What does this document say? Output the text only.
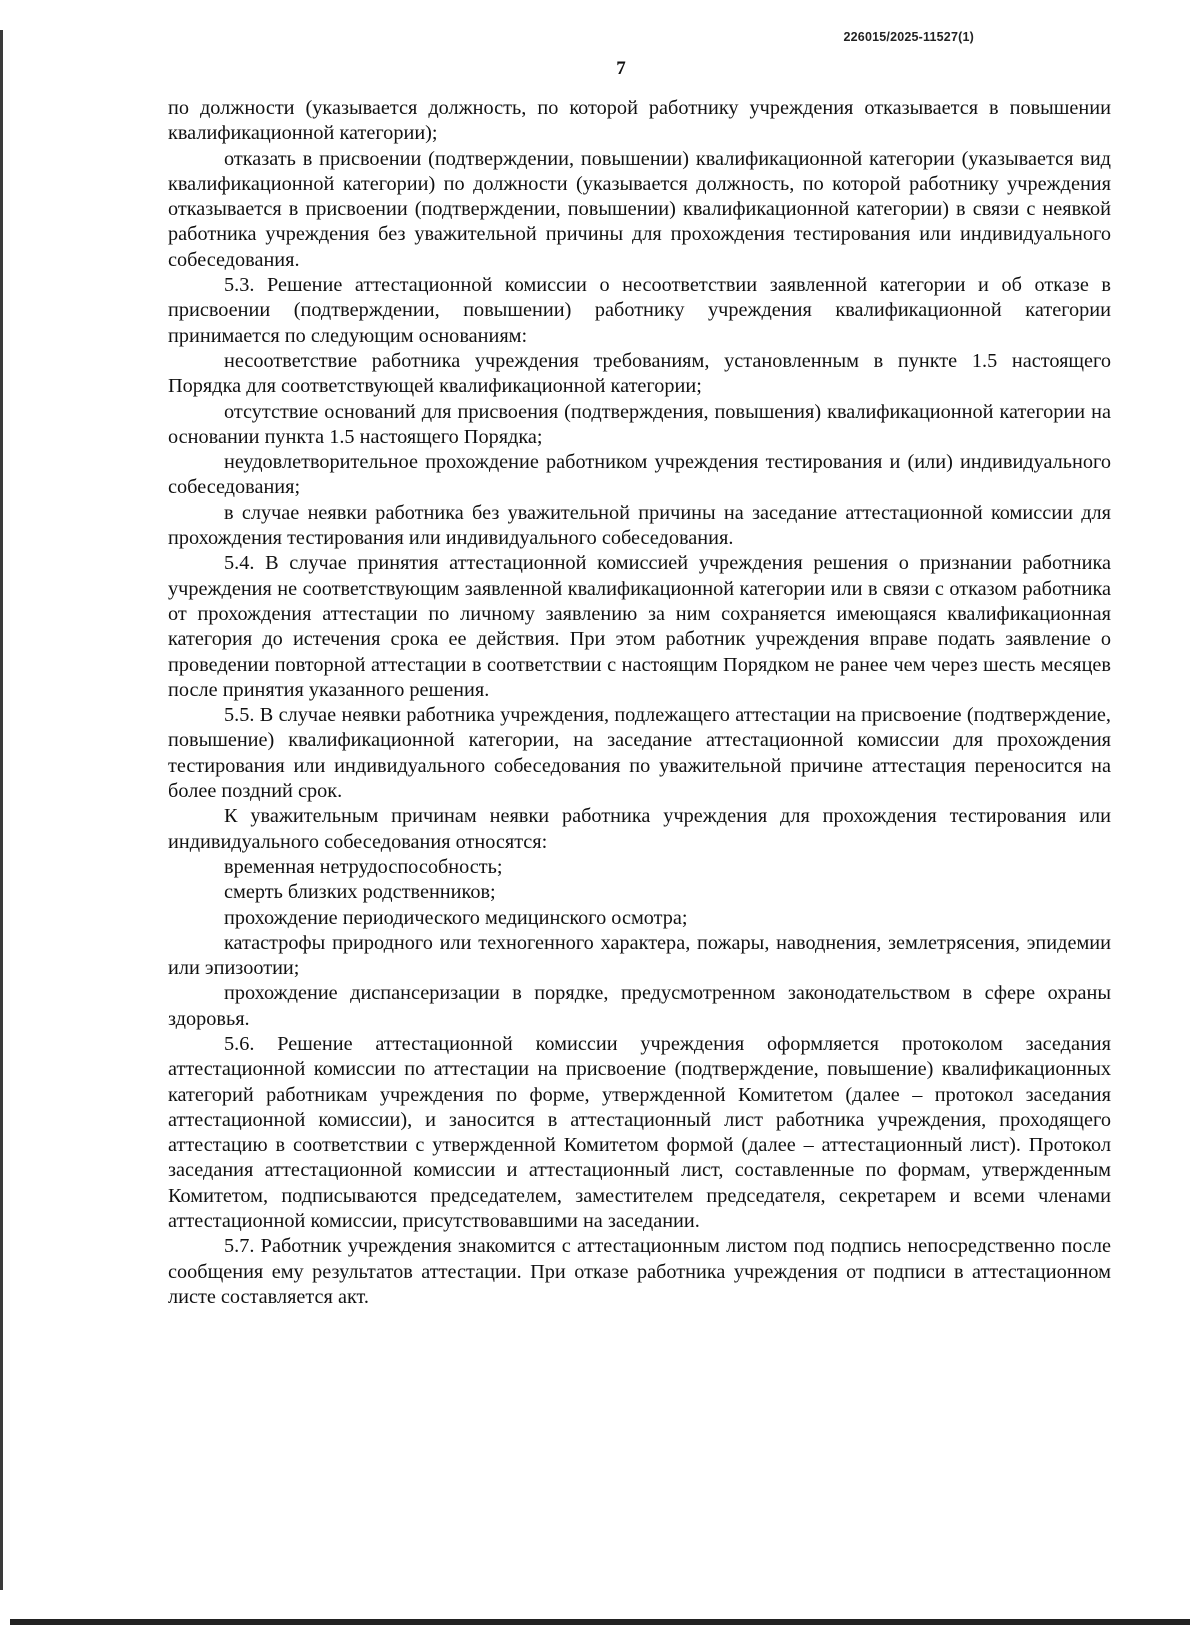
226015/2025-11527(1)
7

по должности (указывается должность, по которой работнику учреждения отказывается в повышении квалификационной категории);

отказать в присвоении (подтверждении, повышении) квалификационной категории (указывается вид квалификационной категории) по должности (указывается должность, по которой работнику учреждения отказывается в присвоении (подтверждении, повышении) квалификационной категории) в связи с неявкой работника учреждения без уважительной причины для прохождения тестирования или индивидуального собеседования.

5.3. Решение аттестационной комиссии о несоответствии заявленной категории и об отказе в присвоении (подтверждении, повышении) работнику учреждения квалификационной категории принимается по следующим основаниям:

несоответствие работника учреждения требованиям, установленным в пункте 1.5 настоящего Порядка для соответствующей квалификационной категории;

отсутствие оснований для присвоения (подтверждения, повышения) квалификационной категории на основании пункта 1.5 настоящего Порядка;

неудовлетворительное прохождение работником учреждения тестирования и (или) индивидуального собеседования;

в случае неявки работника без уважительной причины на заседание аттестационной комиссии для прохождения тестирования или индивидуального собеседования.

5.4. В случае принятия аттестационной комиссией учреждения решения о признании работника учреждения не соответствующим заявленной квалификационной категории или в связи с отказом работника от прохождения аттестации по личному заявлению за ним сохраняется имеющаяся квалификационная категория до истечения срока ее действия. При этом работник учреждения вправе подать заявление о проведении повторной аттестации в соответствии с настоящим Порядком не ранее чем через шесть месяцев после принятия указанного решения.

5.5. В случае неявки работника учреждения, подлежащего аттестации на присвоение (подтверждение, повышение) квалификационной категории, на заседание аттестационной комиссии для прохождения тестирования или индивидуального собеседования по уважительной причине аттестация переносится на более поздний срок.

К уважительным причинам неявки работника учреждения для прохождения тестирования или индивидуального собеседования относятся:

временная нетрудоспособность;

смерть близких родственников;

прохождение периодического медицинского осмотра;

катастрофы природного или техногенного характера, пожары, наводнения, землетрясения, эпидемии или эпизоотии;

прохождение диспансеризации в порядке, предусмотренном законодательством в сфере охраны здоровья.

5.6. Решение аттестационной комиссии учреждения оформляется протоколом заседания аттестационной комиссии по аттестации на присвоение (подтверждение, повышение) квалификационных категорий работникам учреждения по форме, утвержденной Комитетом (далее – протокол заседания аттестационной комиссии), и заносится в аттестационный лист работника учреждения, проходящего аттестацию в соответствии с утвержденной Комитетом формой (далее – аттестационный лист). Протокол заседания аттестационной комиссии и аттестационный лист, составленные по формам, утвержденным Комитетом, подписываются председателем, заместителем председателя, секретарем и всеми членами аттестационной комиссии, присутствовавшими на заседании.

5.7. Работник учреждения знакомится с аттестационным листом под подпись непосредственно после сообщения ему результатов аттестации. При отказе работника учреждения от подписи в аттестационном листе составляется акт.
